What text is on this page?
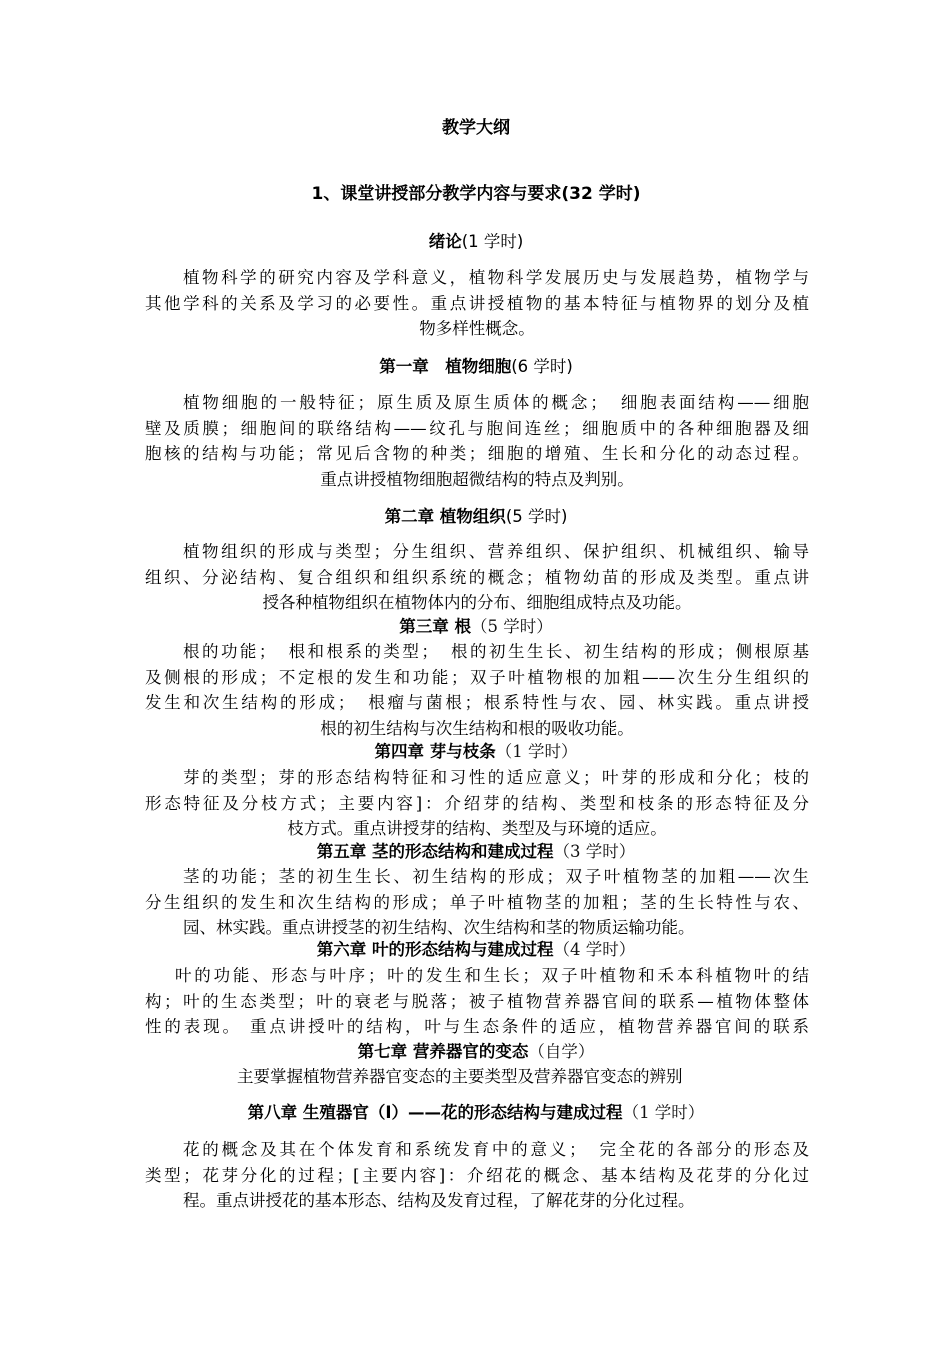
教学大纲
1、课堂讲授部分教学内容与要求(32 学时)
绪论(1 学时)
植物科学的研究内容及学科意义，植物科学发展历史与发展趋势，植物学与
其他学科的关系及学习的必要性。重点讲授植物的基本特征与植物界的划分及植
物多样性概念。
第一章　植物细胞(6 学时)
植物细胞的一般特征；原生质及原生质体的概念；　细胞表面结构——细胞
壁及质膜；细胞间的联络结构——纹孔与胞间连丝；细胞质中的各种细胞器及细
胞核的结构与功能；常见后含物的种类；细胞的增殖、生长和分化的动态过程。
重点讲授植物细胞超微结构的特点及判别。
第二章 植物组织(5 学时)
植物组织的形成与类型；分生组织、营养组织、保护组织、机械组织、输导
组织、分泌结构、复合组织和组织系统的概念；植物幼苗的形成及类型。重点讲
授各种植物组织在植物体内的分布、细胞组成特点及功能。
第三章 根（5 学时）
根的功能；　根和根系的类型；　根的初生生长、初生结构的形成；侧根原基
及侧根的形成；不定根的发生和功能；双子叶植物根的加粗——次生分生组织的
发生和次生结构的形成；　根瘤与菌根；根系特性与农、园、林实践。重点讲授
根的初生结构与次生结构和根的吸收功能。
第四章 芽与枝条（1 学时）
芽的类型；芽的形态结构特征和习性的适应意义；叶芽的形成和分化；枝的
形态特征及分枝方式；主要内容]：介绍芽的结构、类型和枝条的形态特征及分
枝方式。重点讲授芽的结构、类型及与环境的适应。
第五章 茎的形态结构和建成过程（3 学时）
茎的功能；茎的初生生长、初生结构的形成；双子叶植物茎的加粗——次生
分生组织的发生和次生结构的形成；单子叶植物茎的加粗；茎的生长特性与农、
园、林实践。重点讲授茎的初生结构、次生结构和茎的物质运输功能。
第六章 叶的形态结构与建成过程（4 学时）
叶的功能、形态与叶序；叶的发生和生长；双子叶植物和禾本科植物叶的结
构；叶的生态类型；叶的衰老与脱落；被子植物营养器官间的联系—植物体整体
性的表现。 重点讲授叶的结构，叶与生态条件的适应，植物营养器官间的联系
第七章 营养器官的变态（自学）
主要掌握植物营养器官变态的主要类型及营养器官变态的辨别
第八章 生殖器官（Ⅰ）——花的形态结构与建成过程（1 学时）
花的概念及其在个体发育和系统发育中的意义；　完全花的各部分的形态及
类型；花芽分化的过程；[主要内容]：介绍花的概念、基本结构及花芽的分化过
程。重点讲授花的基本形态、结构及发育过程，了解花芽的分化过程。
